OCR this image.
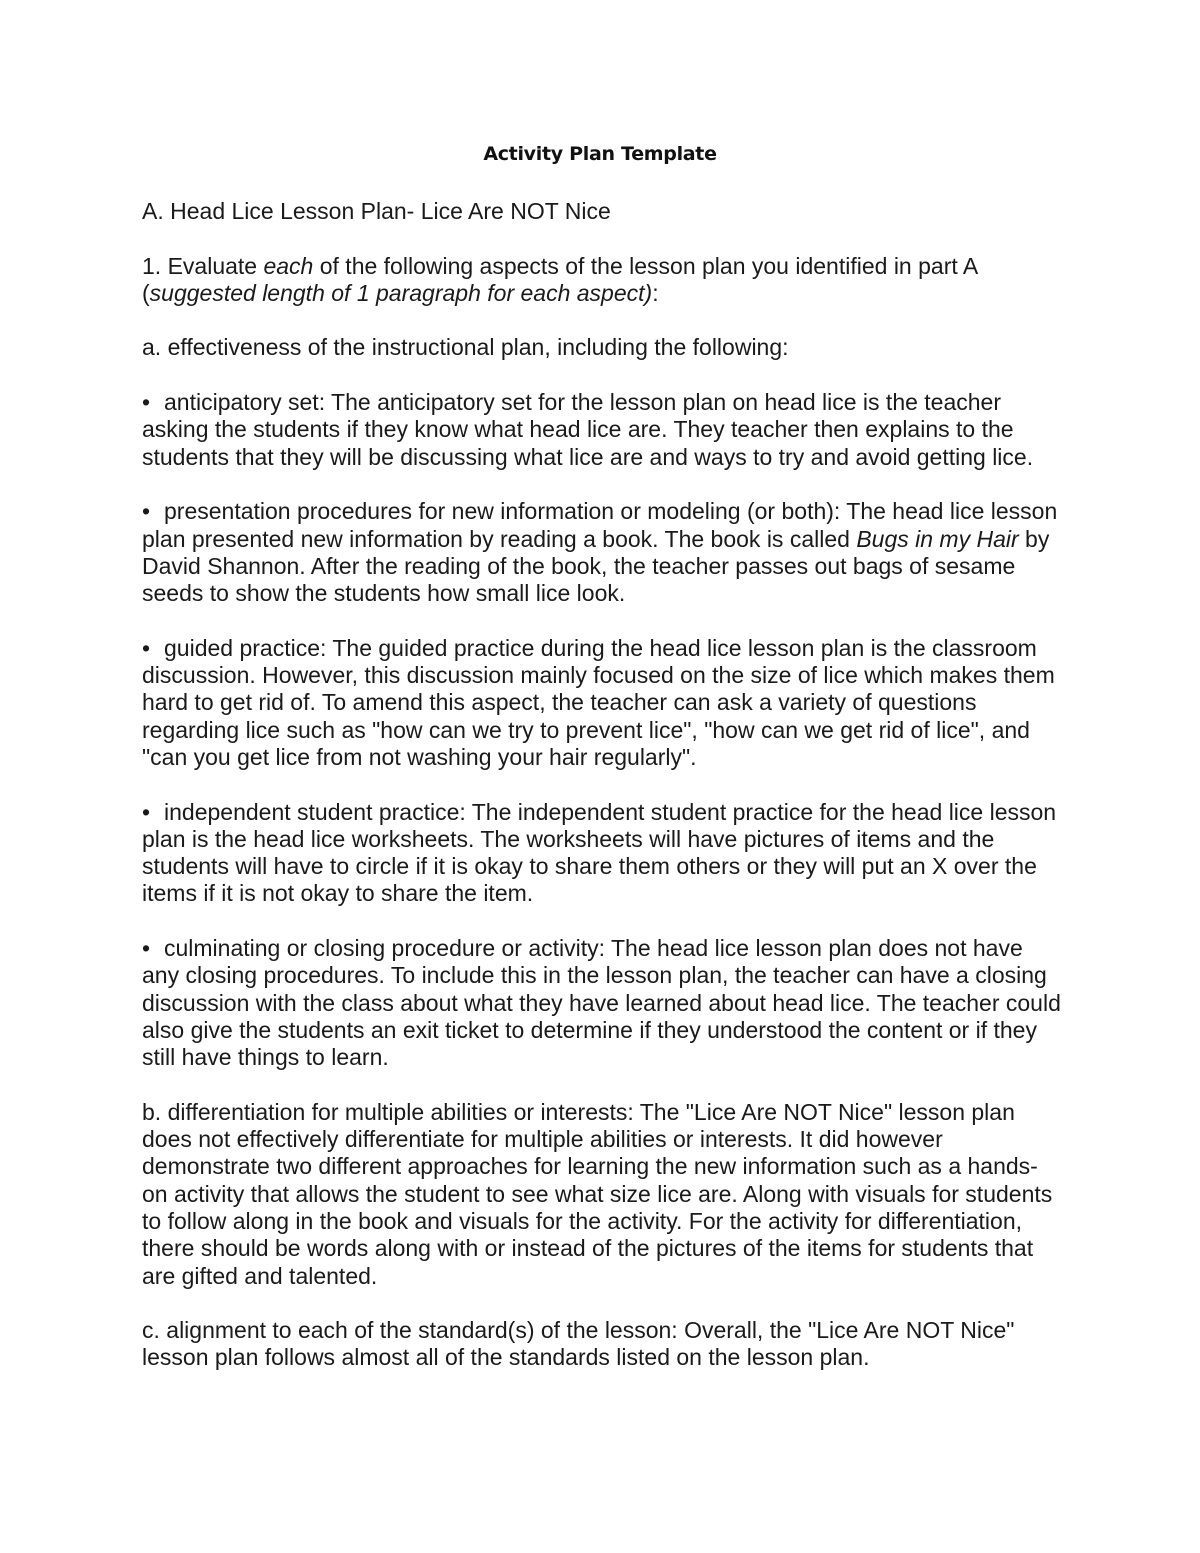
Activity Plan Template

A. Head Lice Lesson Plan- Lice Are NOT Nice

1. Evaluate each of the following aspects of the lesson plan you identified in part A (suggested length of 1 paragraph for each aspect):

a. effectiveness of the instructional plan, including the following:

• anticipatory set: The anticipatory set for the lesson plan on head lice is the teacher asking the students if they know what head lice are. They teacher then explains to the students that they will be discussing what lice are and ways to try and avoid getting lice.

• presentation procedures for new information or modeling (or both): The head lice lesson plan presented new information by reading a book. The book is called Bugs in my Hair by David Shannon. After the reading of the book, the teacher passes out bags of sesame seeds to show the students how small lice look.

• guided practice: The guided practice during the head lice lesson plan is the classroom discussion. However, this discussion mainly focused on the size of lice which makes them hard to get rid of. To amend this aspect, the teacher can ask a variety of questions regarding lice such as "how can we try to prevent lice", "how can we get rid of lice", and "can you get lice from not washing your hair regularly".

• independent student practice: The independent student practice for the head lice lesson plan is the head lice worksheets. The worksheets will have pictures of items and the students will have to circle if it is okay to share them others or they will put an X over the items if it is not okay to share the item.

• culminating or closing procedure or activity: The head lice lesson plan does not have any closing procedures. To include this in the lesson plan, the teacher can have a closing discussion with the class about what they have learned about head lice. The teacher could also give the students an exit ticket to determine if they understood the content or if they still have things to learn.

b. differentiation for multiple abilities or interests: The "Lice Are NOT Nice" lesson plan does not effectively differentiate for multiple abilities or interests. It did however demonstrate two different approaches for learning the new information such as a hands-on activity that allows the student to see what size lice are. Along with visuals for students to follow along in the book and visuals for the activity. For the activity for differentiation, there should be words along with or instead of the pictures of the items for students that are gifted and talented.

c. alignment to each of the standard(s) of the lesson: Overall, the "Lice Are NOT Nice" lesson plan follows almost all of the standards listed on the lesson plan.
